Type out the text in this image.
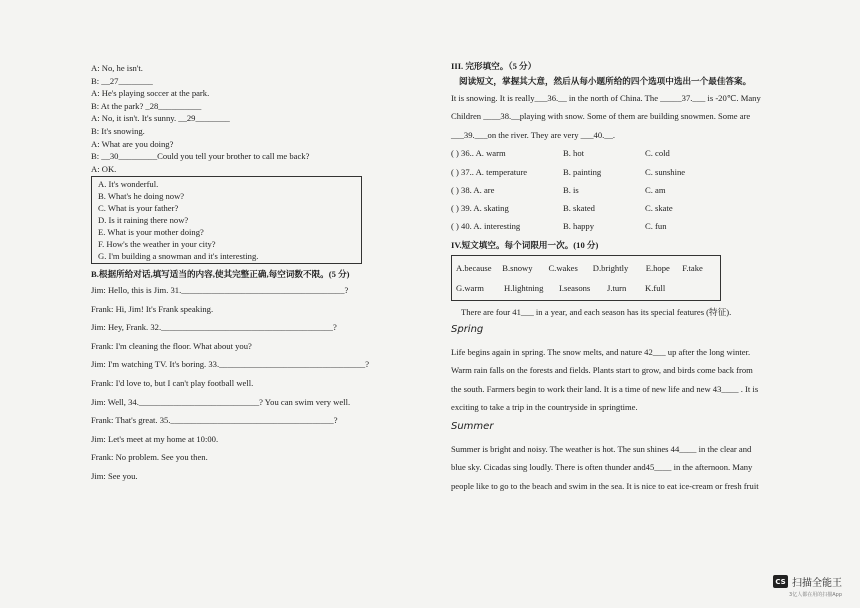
A: No, he isn't.
B: __27________
A: He's playing soccer at the park.
B: At the park? _28__________
A: No, it isn't. It's sunny. __29________
B: It's snowing.
A: What are you doing?
B: __30_________Could you tell your brother to call me back?
A: OK.
A. It's wonderful.
B. What's he doing now?
C. What is your father?
D. Is it raining there now?
E. What is your mother doing?
F. How's the weather in your city?
G. I'm building a snowman and it's interesting.
B.根据所给对话,填写适当的内容,使其完整正确,每空词数不限。(5 分)
Jim: Hello, this is Jim. 31.______________________________________?
Frank: Hi, Jim! It's Frank speaking.
Jim: Hey, Frank. 32.________________________________________?
Frank: I'm cleaning the floor. What about you?
Jim: I'm watching TV. It's boring. 33.__________________________________?
Frank: I'd love to, but I can't play football well.
Jim: Well, 34.____________________________? You can swim very well.
Frank: That's great. 35.______________________________________?
Jim: Let's meet at my home at 10:00.
Frank: No problem. See you then.
Jim: See you.
III. 完形填空。（5 分）
阅读短文，掌握其大意，然后从每小题所给的四个选项中选出一个最佳答案。
It is snowing. It is really___36.__ in the north of China. The _____37.___ is -20℃. Many
Children ____38.__playing with snow. Some of them are building snowmen. Some are
___39.___on the river. They are very ___40.__.
( ) 36.. A. warm	B. hot	C. cold
( ) 37.. A. temperature	B. painting	C. sunshine
( ) 38. A. are	B. is	C. am
( ) 39. A. skating	B. skated	C. skate
( ) 40. A. interesting	B. happy	C. fun
IV.短文填空。每个词限用一次。(10 分)
A.because	B.snowy	C.wakes	D.brightly	E.hope	F.take
G.warm	H.lightning	I.seasons	J.turn	K.full
There are four 41___ in a year, and each season has its special features (特征).
Spring
Life begins again in spring. The snow melts, and nature 42___ up after the long winter.
Warm rain falls on the forests and fields. Plants start to grow, and birds come back from
the south. Farmers begin to work their land. It is a time of new life and new 43____ . It is
exciting to take a trip in the countryside in springtime.
Summer
Summer is bright and noisy. The weather is hot. The sun shines 44____ in the clear and
blue sky. Cicadas sing loudly. There is often thunder and45____ in the afternoon. Many
people like to go to the beach and swim in the sea. It is nice to eat ice-cream or fresh fruit
CS 扫描全能王
3亿人都在用的扫描App
